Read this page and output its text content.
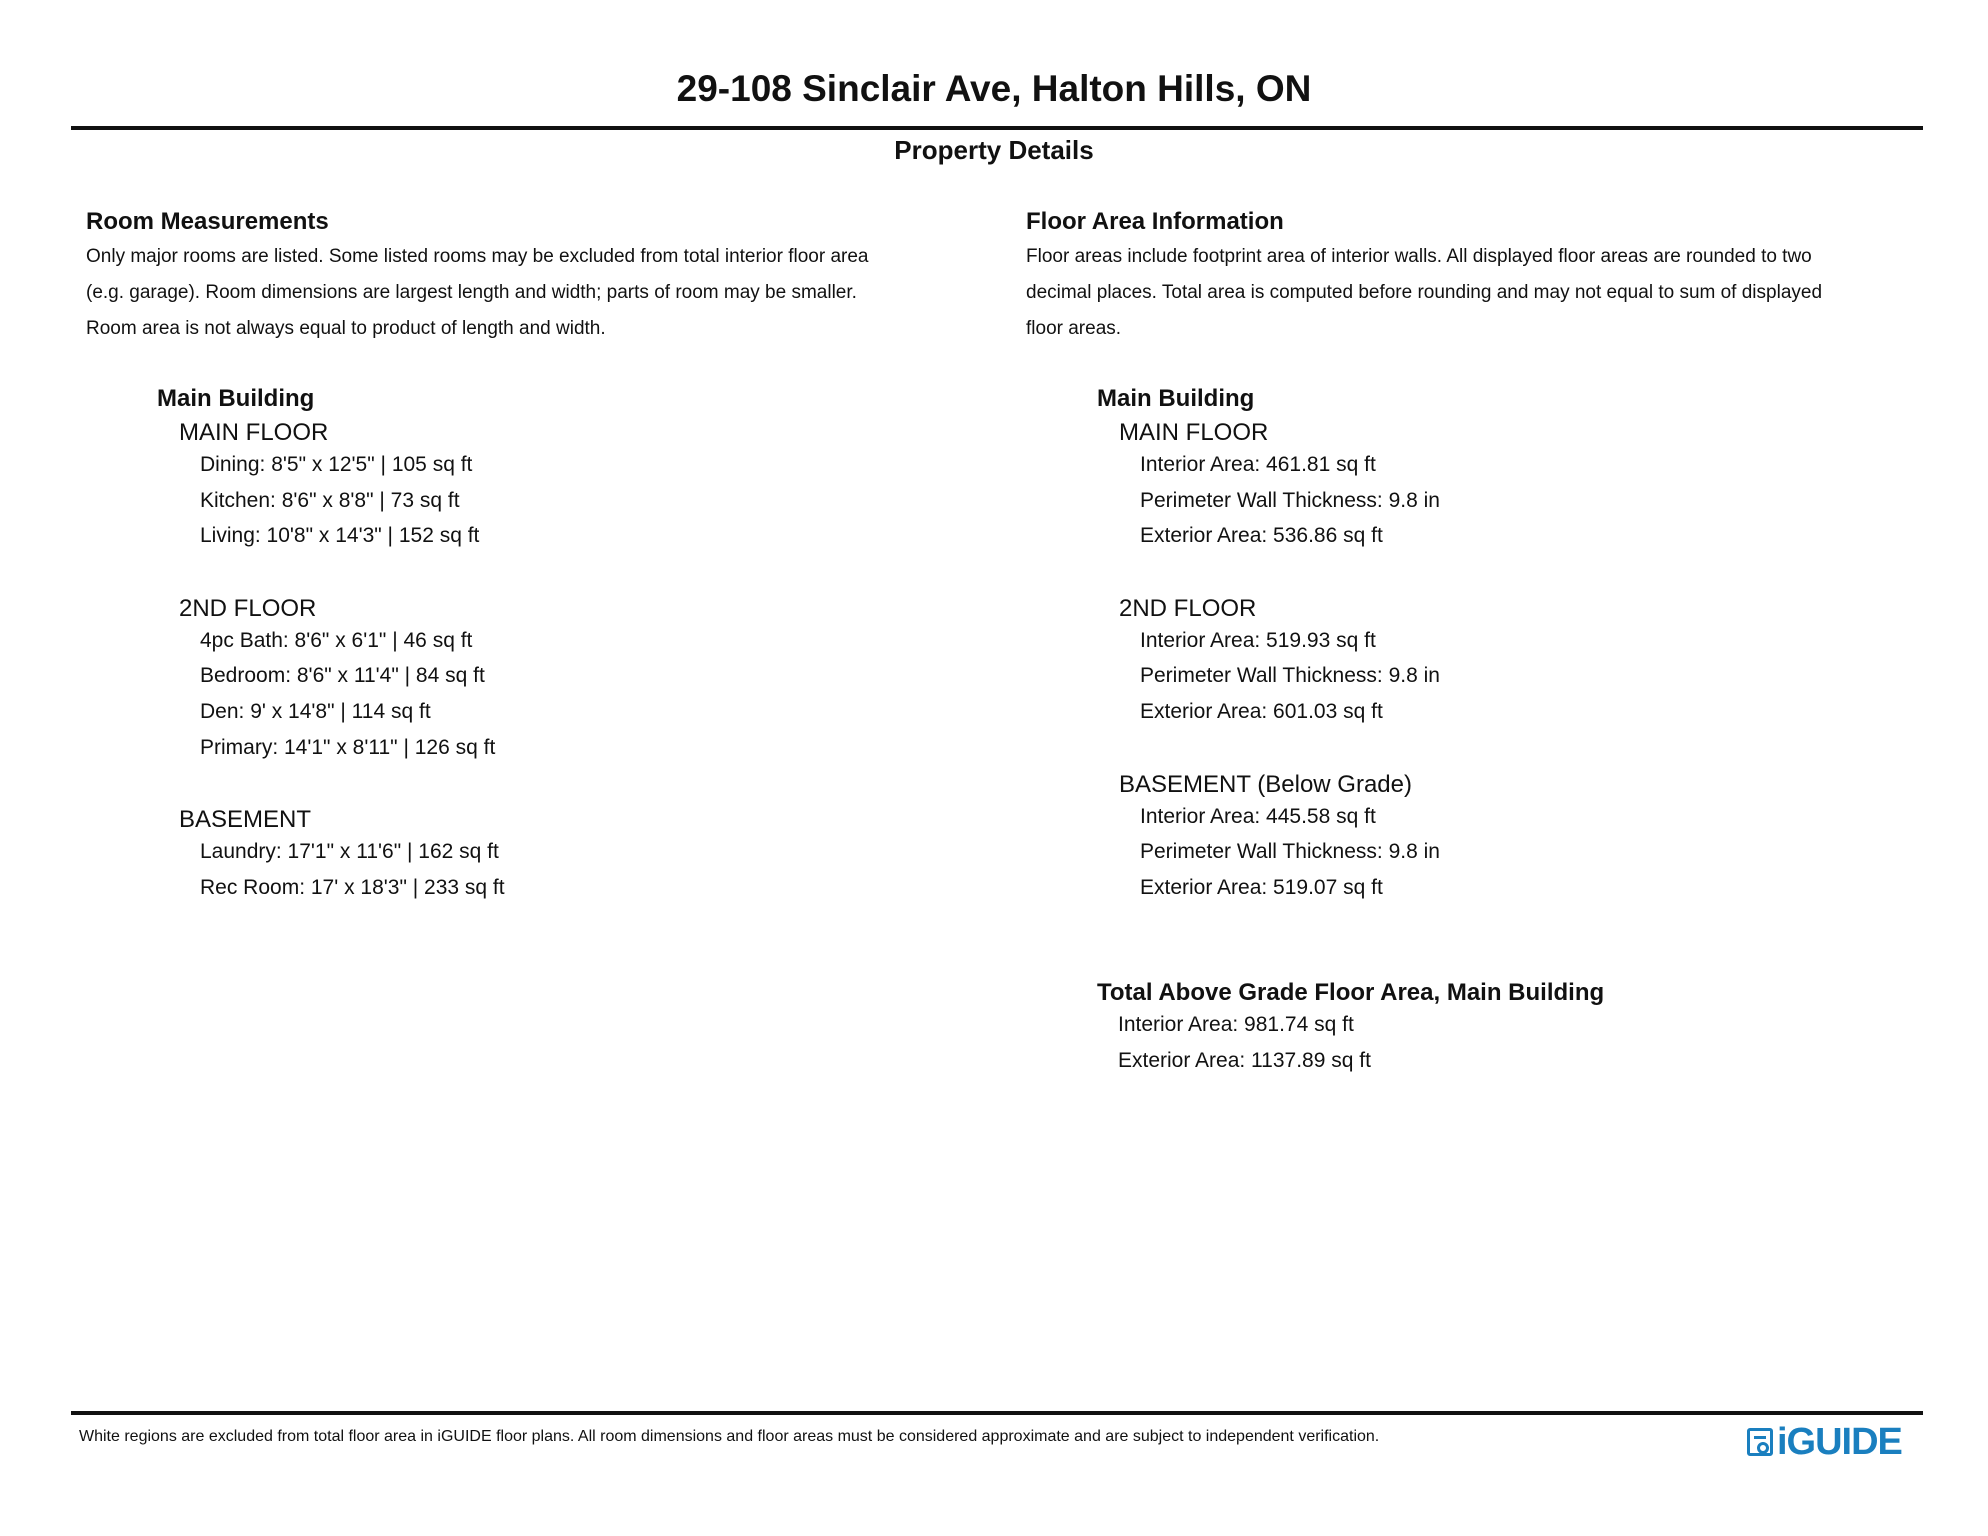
29-108 Sinclair Ave, Halton Hills, ON
Property Details
Room Measurements
Only major rooms are listed. Some listed rooms may be excluded from total interior floor area
(e.g. garage). Room dimensions are largest length and width; parts of room may be smaller.
Room area is not always equal to product of length and width.
Main Building
MAIN FLOOR
Dining: 8'5" x 12'5" | 105 sq ft
Kitchen: 8'6" x 8'8" | 73 sq ft
Living: 10'8" x 14'3" | 152 sq ft
2ND FLOOR
4pc Bath: 8'6" x 6'1" | 46 sq ft
Bedroom: 8'6" x 11'4" | 84 sq ft
Den: 9' x 14'8" | 114 sq ft
Primary: 14'1" x 8'11" | 126 sq ft
BASEMENT
Laundry: 17'1" x 11'6" | 162 sq ft
Rec Room: 17' x 18'3" | 233 sq ft
Floor Area Information
Floor areas include footprint area of interior walls. All displayed floor areas are rounded to two
decimal places. Total area is computed before rounding and may not equal to sum of displayed
floor areas.
Main Building
MAIN FLOOR
Interior Area: 461.81 sq ft
Perimeter Wall Thickness: 9.8 in
Exterior Area: 536.86 sq ft
2ND FLOOR
Interior Area: 519.93 sq ft
Perimeter Wall Thickness: 9.8 in
Exterior Area: 601.03 sq ft
BASEMENT (Below Grade)
Interior Area: 445.58 sq ft
Perimeter Wall Thickness: 9.8 in
Exterior Area: 519.07 sq ft
Total Above Grade Floor Area, Main Building
Interior Area: 981.74 sq ft
Exterior Area: 1137.89 sq ft
White regions are excluded from total floor area in iGUIDE floor plans. All room dimensions and floor areas must be considered approximate and are subject to independent verification.	iGUIDE
